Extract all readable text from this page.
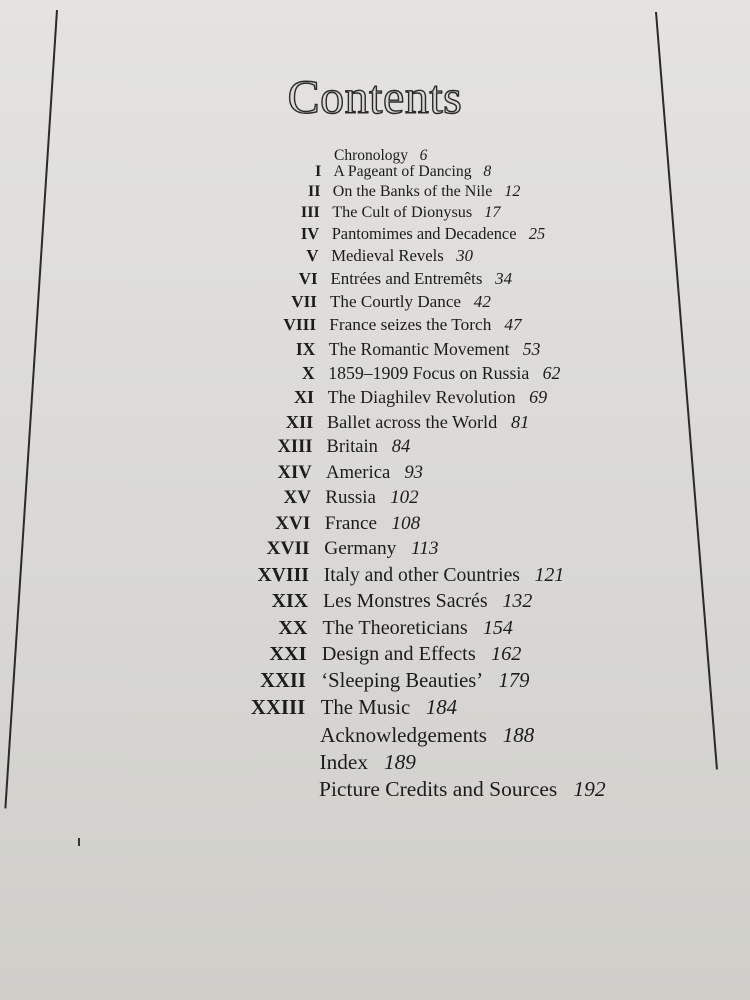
Contents
Chronology 6
I A Pageant of Dancing 8
II On the Banks of the Nile 12
III The Cult of Dionysus 17
IV Pantomimes and Decadence 25
V Medieval Revels 30
VI Entrées and Entremêts 34
VII The Courtly Dance 42
VIII France seizes the Torch 47
IX The Romantic Movement 53
X 1859–1909 Focus on Russia 62
XI The Diaghilev Revolution 69
XII Ballet across the World 81
XIII Britain 84
XIV America 93
XV Russia 102
XVI France 108
XVII Germany 113
XVIII Italy and other Countries 121
XIX Les Monstres Sacrés 132
XX The Theoreticians 154
XXI Design and Effects 162
XXII ‘Sleeping Beauties’ 179
XXIII The Music 184
Acknowledgements 188
Index 189
Picture Credits and Sources 192
